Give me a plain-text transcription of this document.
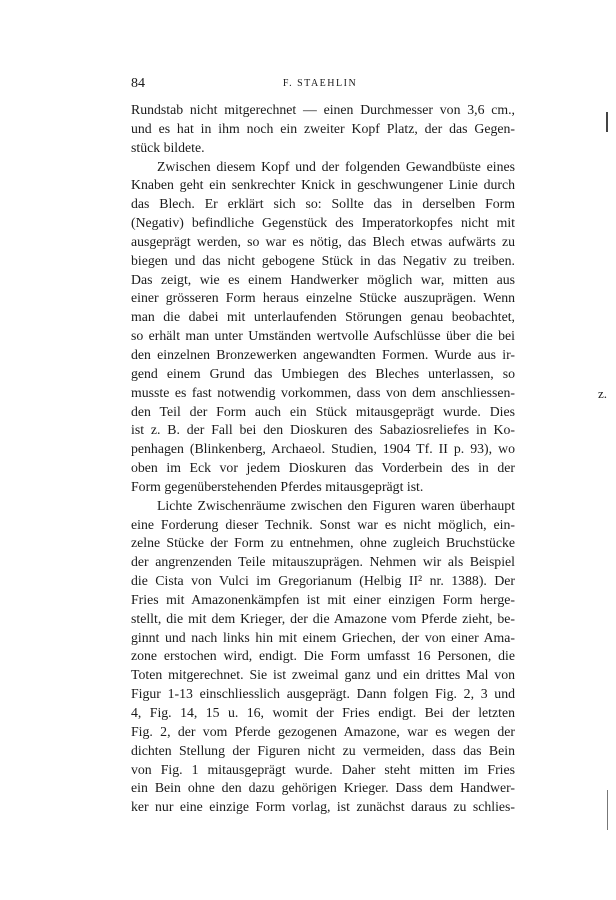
84	F. STAEHLIN
Rundstab nicht mitgerechnet — einen Durchmesser von 3,6 cm.,
und es hat in ihm noch ein zweiter Kopf Platz, der das Gegen-
stück bildete.
Zwischen diesem Kopf und der folgenden Gewandbüste eines
Knaben geht ein senkrechter Knick in geschwungener Linie durch
das Blech. Er erklärt sich so: Sollte das in derselben Form
(Negativ) befindliche Gegenstück des Imperatorkopfes nicht mit
ausgeprägt werden, so war es nötig, das Blech etwas aufwärts zu
biegen und das nicht gebogene Stück in das Negativ zu treiben.
Das zeigt, wie es einem Handwerker möglich war, mitten aus
einer grösseren Form heraus einzelne Stücke auszuprägen. Wenn
man die dabei mit unterlaufenden Störungen genau beobachtet,
so erhält man unter Umständen wertvolle Aufschlüsse über die bei
den einzelnen Bronzewerken angewandten Formen. Wurde aus ir-
gend einem Grund das Umbiegen des Bleches unterlassen, so
musste es fast notwendig vorkommen, dass von dem anschliessen-
den Teil der Form auch ein Stück mitausgeprägt wurde. Dies
ist z. B. der Fall bei den Dioskuren des Sabaziosreliefes in Ko-
penhagen (Blinkenberg, Archaeol. Studien, 1904 Tf. II p. 93), wo
oben im Eck vor jedem Dioskuren das Vorderbein des in der
Form gegenüberstehenden Pferdes mitausgeprägt ist.
Lichte Zwischenräume zwischen den Figuren waren überhaupt
eine Forderung dieser Technik. Sonst war es nicht möglich, ein-
zelne Stücke der Form zu entnehmen, ohne zugleich Bruchstücke
der angrenzenden Teile mitauszuprägen. Nehmen wir als Beispiel
die Cista von Vulci im Gregorianum (Helbig II² nr. 1388). Der
Fries mit Amazonenkämpfen ist mit einer einzigen Form herge-
stellt, die mit dem Krieger, der die Amazone vom Pferde zieht, be-
ginnt und nach links hin mit einem Griechen, der von einer Ama-
zone erstochen wird, endigt. Die Form umfasst 16 Personen, die
Toten mitgerechnet. Sie ist zweimal ganz und ein drittes Mal von
Figur 1-13 einschliesslich ausgeprägt. Dann folgen Fig. 2, 3 und
4, Fig. 14, 15 u. 16, womit der Fries endigt. Bei der letzten
Fig. 2, der vom Pferde gezogenen Amazone, war es wegen der
dichten Stellung der Figuren nicht zu vermeiden, dass das Bein
von Fig. 1 mitausgeprägt wurde. Daher steht mitten im Fries
ein Bein ohne den dazu gehörigen Krieger. Dass dem Handwer-
ker nur eine einzige Form vorlag, ist zunächst daraus zu schlies-
z.
